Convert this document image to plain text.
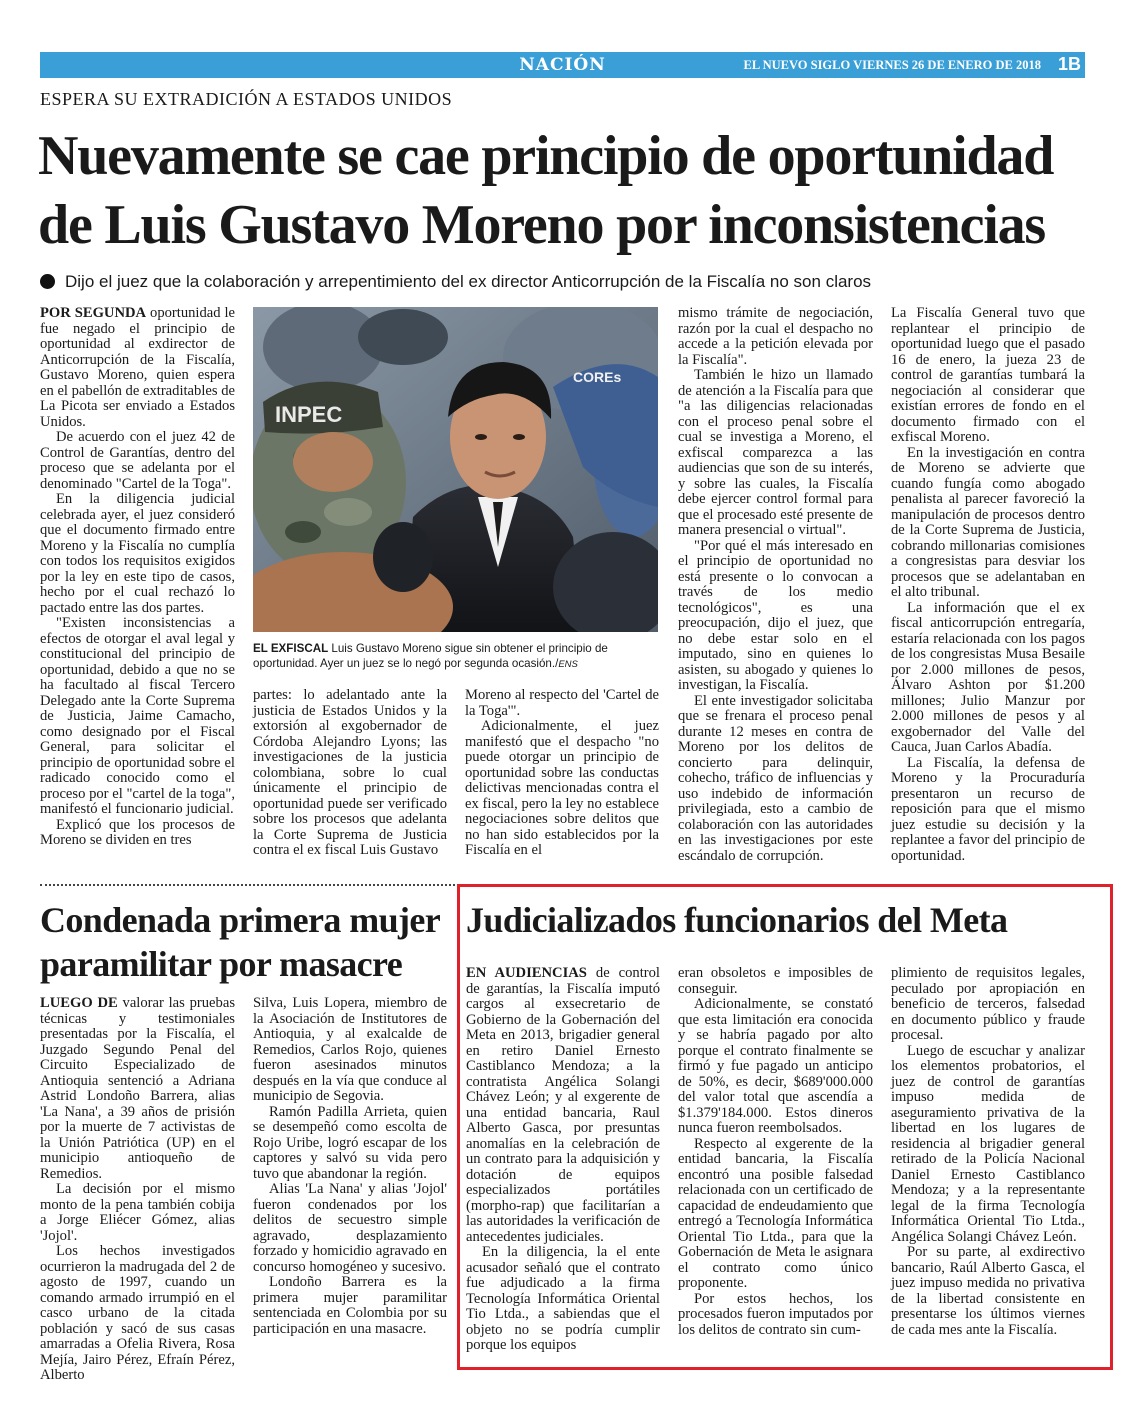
NACIÓN	EL NUEVO SIGLO VIERNES 26 DE ENERO DE 2018 1B
ESPERA SU EXTRADICIÓN A ESTADOS UNIDOS
Nuevamente se cae principio de oportunidad
de Luis Gustavo Moreno por inconsistencias
Dijo el juez que la colaboración y arrepentimiento del ex director Anticorrupción de la Fiscalía no son claros

POR SEGUNDA oportunidad le fue negado el principio de oportunidad al exdirector de Anticorrupción de la Fiscalía, Gustavo Moreno, quien espera en el pabellón de extraditables de La Picota ser enviado a Estados Unidos.

De acuerdo con el juez 42 de Control de Garantías, dentro del proceso que se adelanta por el denominado "Cartel de la Toga".

En la diligencia judicial celebrada ayer, el juez consideró que el documento firmado entre Moreno y la Fiscalía no cumplía con todos los requisitos exigidos por la ley en este tipo de casos, hecho por el cual rechazó lo pactado entre las dos partes.

"Existen inconsistencias a efectos de otorgar el aval legal y constitucional del principio de oportunidad, debido a que no se ha facultado al fiscal Tercero Delegado ante la Corte Suprema de Justicia, Jaime Camacho, como designado por el Fiscal General, para solicitar el principio de oportunidad sobre el radicado conocido como el proceso por el "cartel de la toga", manifestó el funcionario judicial.

Explicó que los procesos de Moreno se dividen en tres

INPEC
COREs
EL EXFISCAL Luis Gustavo Moreno sigue sin obtener el principio de oportunidad. Ayer un juez se lo negó por segunda ocasión./ENS

partes: lo adelantado ante la justicia de Estados Unidos y la extorsión al exgobernador de Córdoba Alejandro Lyons; las investigaciones de la justicia colombiana, sobre lo cual únicamente el principio de oportunidad puede ser verificado sobre los procesos que adelanta la Corte Suprema de Justicia contra el ex fiscal Luis Gustavo

Moreno al respecto del 'Cartel de la Toga'".

Adicionalmente, el juez manifestó que el despacho "no puede otorgar un principio de oportunidad sobre las conductas delictivas mencionadas contra el ex fiscal, pero la ley no establece negociaciones sobre delitos que no han sido establecidos por la Fiscalía en el

mismo trámite de negociación, razón por la cual el despacho no accede a la petición elevada por la Fiscalía".

También le hizo un llamado de atención a la Fiscalía para que "a las diligencias relacionadas con el proceso penal sobre el cual se investiga a Moreno, el exfiscal comparezca a las audiencias que son de su interés, y sobre las cuales, la Fiscalía debe ejercer control formal para que el procesado esté presente de manera presencial o virtual".

"Por qué el más interesado en el principio de oportunidad no está presente o lo convocan a través de los medio tecnológicos", es una preocupación, dijo el juez, que no debe estar solo en el imputado, sino en quienes lo asisten, su abogado y quienes lo investigan, la Fiscalía.

El ente investigador solicitaba que se frenara el proceso penal durante 12 meses en contra de Moreno por los delitos de concierto para delinquir, cohecho, tráfico de influencias y uso indebido de información privilegiada, esto a cambio de colaboración con las autoridades en las investigaciones por este escándalo de corrupción.

La Fiscalía General tuvo que replantear el principio de oportunidad luego que el pasado 16 de enero, la jueza 23 de control de garantías tumbará la negociación al considerar que existían errores de fondo en el documento firmado con el exfiscal Moreno.

En la investigación en contra de Moreno se advierte que cuando fungía como abogado penalista al parecer favoreció la manipulación de procesos dentro de la Corte Suprema de Justicia, cobrando millonarias comisiones a congresistas para desviar los procesos que se adelantaban en el alto tribunal.

La información que el ex fiscal anticorrupción entregaría, estaría relacionada con los pagos de los congresistas Musa Besaile por 2.000 millones de pesos, Álvaro Ashton por $1.200 millones; Julio Manzur por 2.000 millones de pesos y al exgobernador del Valle del Cauca, Juan Carlos Abadía.

La Fiscalía, la defensa de Moreno y la Procuraduría presentaron un recurso de reposición para que el mismo juez estudie su decisión y la replantee a favor del principio de oportunidad.

Condenada primera mujer
paramilitar por masacre

LUEGO DE valorar las pruebas técnicas y testimoniales presentadas por la Fiscalía, el Juzgado Segundo Penal del Circuito Especializado de Antioquia sentenció a Adriana Astrid Londoño Barrera, alias 'La Nana', a 39 años de prisión por la muerte de 7 activistas de la Unión Patriótica (UP) en el municipio antioqueño de Remedios.

La decisión por el mismo monto de la pena también cobija a Jorge Eliécer Gómez, alias 'Jojol'.

Los hechos investigados ocurrieron la madrugada del 2 de agosto de 1997, cuando un comando armado irrumpió en el casco urbano de la citada población y sacó de sus casas amarradas a Ofelia Rivera, Rosa Mejía, Jairo Pérez, Efraín Pérez, Alberto

Silva, Luis Lopera, miembro de la Asociación de Institutores de Antioquia, y al exalcalde de Remedios, Carlos Rojo, quienes fueron asesinados minutos después en la vía que conduce al municipio de Segovia.

Ramón Padilla Arrieta, quien se desempeñó como escolta de Rojo Uribe, logró escapar de los captores y salvó su vida pero tuvo que abandonar la región.

Alias 'La Nana' y alias 'Jojol' fueron condenados por los delitos de secuestro simple agravado, desplazamiento forzado y homicidio agravado en concurso homogéneo y sucesivo.

Londoño Barrera es la primera mujer paramilitar sentenciada en Colombia por su participación en una masacre.

Judicializados funcionarios del Meta

EN AUDIENCIAS de control de garantías, la Fiscalía imputó cargos al exsecretario de Gobierno de la Gobernación del Meta en 2013, brigadier general en retiro Daniel Ernesto Castiblanco Mendoza; a la contratista Angélica Solangi Chávez León; y al exgerente de una entidad bancaria, Raul Alberto Gasca, por presuntas anomalías en la celebración de un contrato para la adquisición y dotación de equipos especializados portátiles (morpho-rap) que facilitarían a las autoridades la verificación de antecedentes judiciales.

En la diligencia, la el ente acusador señaló que el contrato fue adjudicado a la firma Tecnología Informática Oriental Tio Ltda., a sabiendas que el objeto no se podría cumplir porque los equipos

eran obsoletos e imposibles de conseguir.

Adicionalmente, se constató que esta limitación era conocida y se habría pagado por alto porque el contrato finalmente se firmó y fue pagado un anticipo de 50%, es decir, $689'000.000 del valor total que ascendía a $1.379'184.000. Estos dineros nunca fueron reembolsados.

Respecto al exgerente de la entidad bancaria, la Fiscalía encontró una posible falsedad relacionada con un certificado de capacidad de endeudamiento que entregó a Tecnología Informática Oriental Tio Ltda., para que la Gobernación de Meta le asignara el contrato como único proponente.

Por estos hechos, los procesados fueron imputados por los delitos de contrato sin cum-

plimiento de requisitos legales, peculado por apropiación en beneficio de terceros, falsedad en documento público y fraude procesal.

Luego de escuchar y analizar los elementos probatorios, el juez de control de garantías impuso medida de aseguramiento privativa de la libertad en los lugares de residencia al brigadier general retirado de la Policía Nacional Daniel Ernesto Castiblanco Mendoza; y a la representante legal de la firma Tecnología Informática Oriental Tio Ltda., Angélica Solangi Chávez León.

Por su parte, al exdirectivo bancario, Raúl Alberto Gasca, el juez impuso medida no privativa de la libertad consistente en presentarse los últimos viernes de cada mes ante la Fiscalía.
